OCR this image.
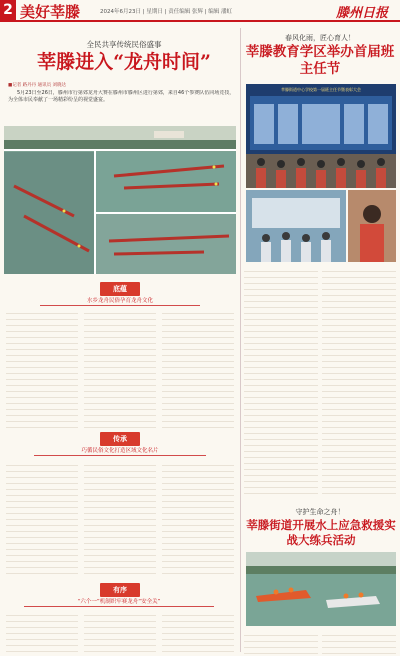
2 美好莘滕	2024年6月23日 | 星期日 | 责任编辑 张辉 | 编辑 潘虹	滕州日报
全民共享传统民俗盛事
莘滕进入“龙舟时间”
■记者 路丹丹 通讯员 刘晓达
5月23日至26日，滕州市行第郊龙舟大赛在滕州市滕州区进行第郊，来自46个参赛队伍同场竞技，为全体市民奉献了一场精彩纷呈的视觉盛宴。
底蕴
水乡龙舟民俗孕育龙舟文化
传承
巧循民俗文化打造区域文化名片
有序
“六个一”机制织牢赛龙舟“安全关”
春风化雨，匠心育人！
莘滕教育学区举办首届班主任节
莘滕街道中心学校第一届班主任节暨表彰大会
守护生命之舟！
莘滕街道开展水上应急救援实战大练兵活动
